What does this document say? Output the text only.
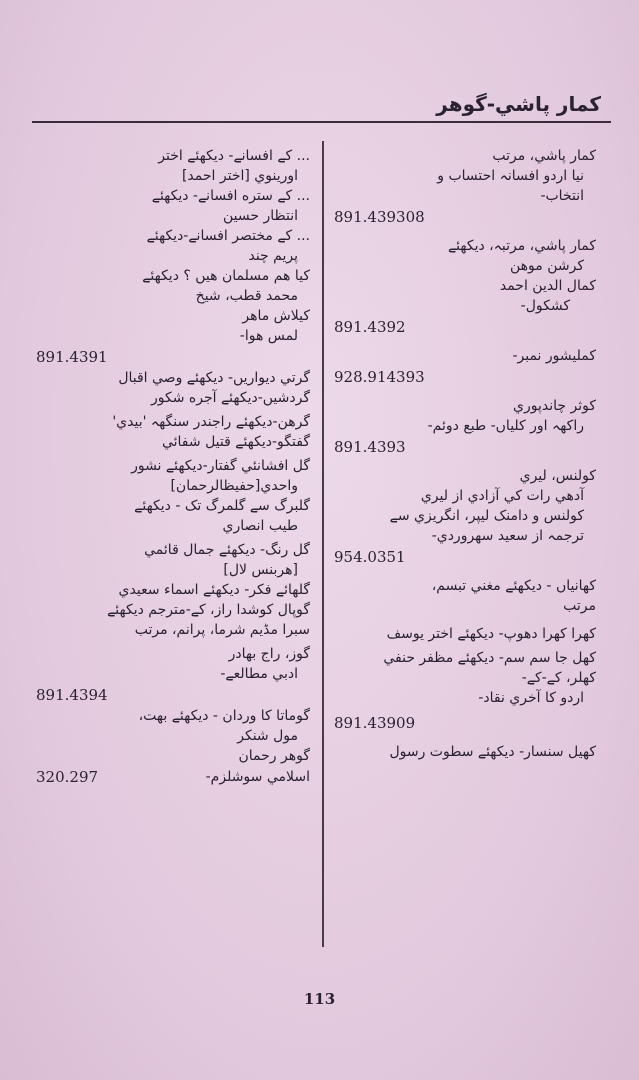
کمار پاشي-گوهر
کمار پاشي، مرتب
نیا اردو افسانہ احتساب و
انتخاب-
891.439308
کمار پاشي، مرتبہ، دیکھئے
کرشن موهن
کمال الدین احمد
کشکول-
891.4392
کملیشور نمبر-
928.914393
کوثر چاندپوري
راکهہ اور کلیاں- طبع دوئم-
891.4393
کولنس، لیري
آدهي رات کي آزادي از لیري
کولنس و دامنک لیپر، انگریزي سے
ترجمہ از سعید سهروردي-
954.0351
کهانیاں - دیکهئے مغني تبسم،
مرتب
کهرا کهرا دهوپ- دیکهئے اختر یوسف
کهل جا سم سم- دیکهئے مظفر حنفي
کهلر، کے-کے-
اردو کا آخري نقاد-
891.43909
کهیل سنسار- دیکهئے سطوت رسول
... کے افسانے- دیکهئے اختر
اورینوي [اختر احمد]
... کے ستره افسانے- دیکهئے
انتظار حسین
... کے مختصر افسانے-دیکهئے
پریم چند
کیا هم مسلمان هیں ؟ دیکهئے
محمد قطب، شیخ
کیلاش ماهر
لمس هوا-
891.4391
گرتي دیواریں- دیکهئے وصي اقبال
گردشیں-دیکهئے آجره شکور
گرهن-دیکهئے راجندر سنگهہ 'بیدي'
گفتگو-دیکهئے قتیل شفائي
گل افشانئي گفتار-دیکهئے نشور
واحدي[حفیظالرحمان]
گلبرگ سے گلمرگ تک - دیکهئے
طیب انصاري
گل رنگ- دیکهئے جمال قائمي
[هربنس لال]
گلهائے فکر- دیکهئے اسماء سعیدي
گوپال کوشدا راز، کے-مترجم دیکهئے
سبرا مڈیم شرما، پرانم، مرتب
گوز، راج بهادر
ادبي مطالعے-
891.4394
گوماتا کا وردان - دیکهئے بهت،
مول شنکر
گوهر رحمان
320.297	اسلامي سوشلزم-
113
